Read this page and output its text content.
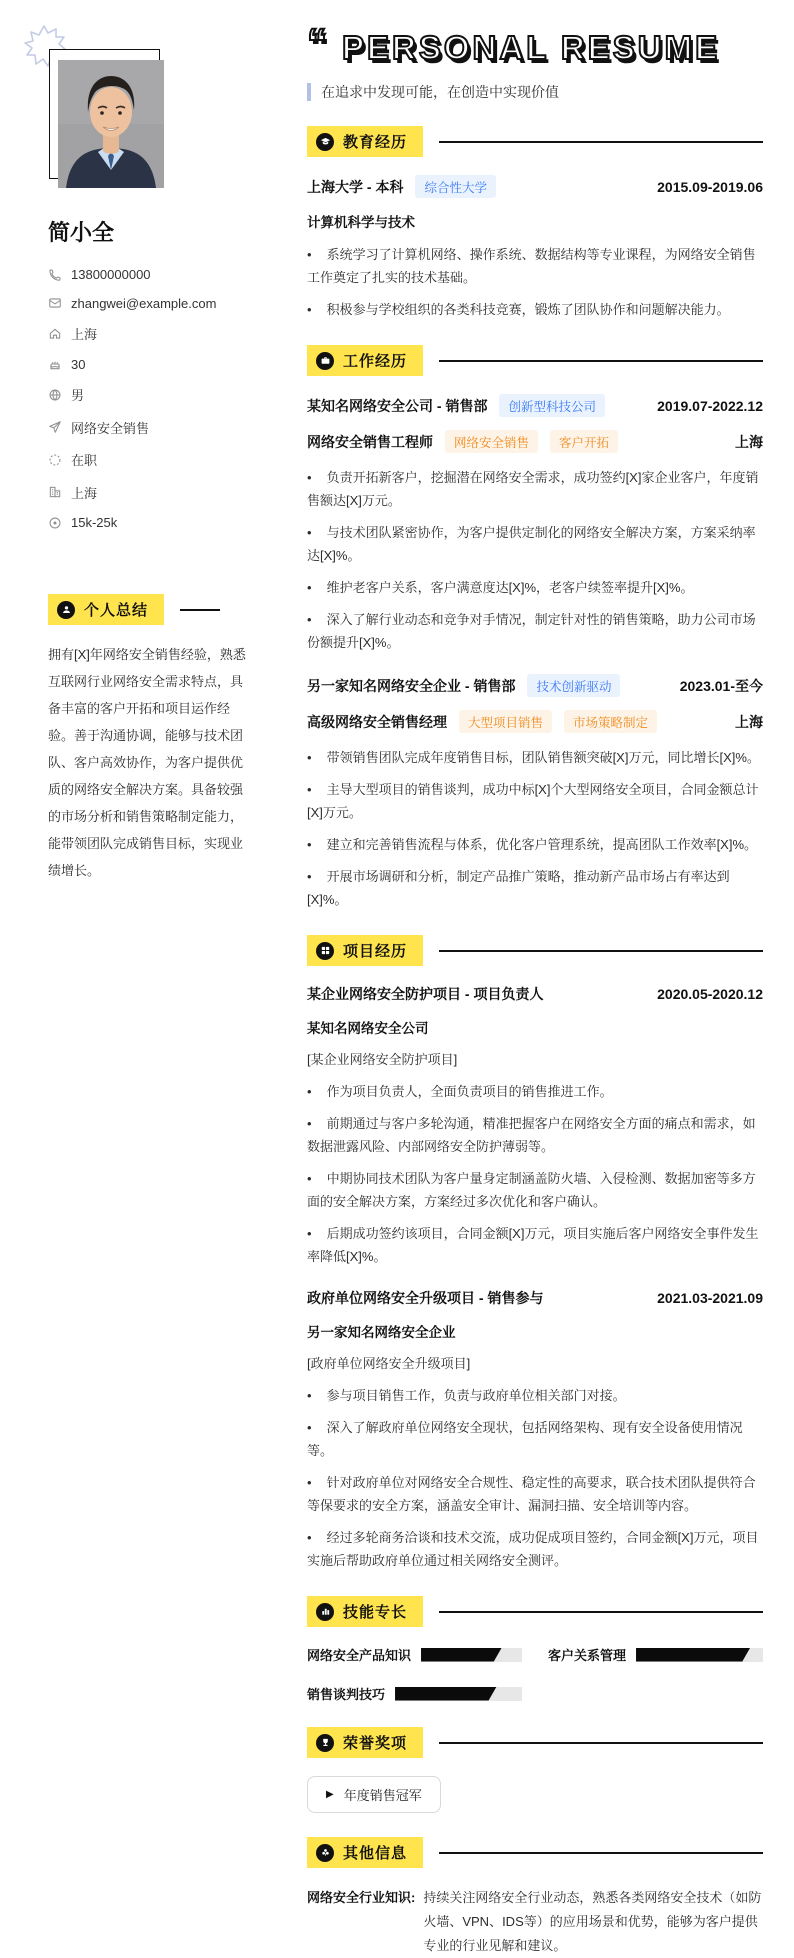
简小全
13800000000
zhangwei@example.com
上海
30
男
网络安全销售
在职
上海
15k-25k
个人总结

拥有[X]年网络安全销售经验，熟悉互联网行业网络安全需求特点，具备丰富的客户开拓和项目运作经验。善于沟通协调，能够与技术团队、客户高效协作，为客户提供优质的网络安全解决方案。具备较强的市场分析和销售策略制定能力，能带领团队完成销售目标，实现业绩增长。

“ PERSONAL RESUME
在追求中发现可能，在创造中实现价值
教育经历
上海大学 - 本科	综合性大学	2015.09-2019.06
计算机科学与技术

• 系统学习了计算机网络、操作系统、数据结构等专业课程，为网络安全销售工作奠定了扎实的技术基础。

• 积极参与学校组织的各类科技竞赛，锻炼了团队协作和问题解决能力。

工作经历
某知名网络安全公司 - 销售部	创新型科技公司	2019.07-2022.12
网络安全销售工程师	网络安全销售	客户开拓	上海

• 负责开拓新客户，挖掘潜在网络安全需求，成功签约[X]家企业客户，年度销售额达[X]万元。

• 与技术团队紧密协作，为客户提供定制化的网络安全解决方案，方案采纳率达[X]%。

• 维护老客户关系，客户满意度达[X]%，老客户续签率提升[X]%。

• 深入了解行业动态和竞争对手情况，制定针对性的销售策略，助力公司市场份额提升[X]%。

另一家知名网络安全企业 - 销售部	技术创新驱动	2023.01-至今
高级网络安全销售经理	大型项目销售	市场策略制定	上海

• 带领销售团队完成年度销售目标，团队销售额突破[X]万元，同比增长[X]%。

• 主导大型项目的销售谈判，成功中标[X]个大型网络安全项目，合同金额总计[X]万元。

• 建立和完善销售流程与体系，优化客户管理系统，提高团队工作效率[X]%。

• 开展市场调研和分析，制定产品推广策略，推动新产品市场占有率达到[X]%。

项目经历
某企业网络安全防护项目 - 项目负责人	2020.05-2020.12
某知名网络安全公司
[某企业网络安全防护项目]

• 作为项目负责人，全面负责项目的销售推进工作。

• 前期通过与客户多轮沟通，精准把握客户在网络安全方面的痛点和需求，如数据泄露风险、内部网络安全防护薄弱等。

• 中期协同技术团队为客户量身定制涵盖防火墙、入侵检测、数据加密等多方面的安全解决方案，方案经过多次优化和客户确认。

• 后期成功签约该项目，合同金额[X]万元，项目实施后客户网络安全事件发生率降低[X]%。

政府单位网络安全升级项目 - 销售参与	2021.03-2021.09
另一家知名网络安全企业
[政府单位网络安全升级项目]

• 参与项目销售工作，负责与政府单位相关部门对接。

• 深入了解政府单位网络安全现状，包括网络架构、现有安全设备使用情况等。

• 针对政府单位对网络安全合规性、稳定性的高要求，联合技术团队提供符合等保要求的安全方案，涵盖安全审计、漏洞扫描、安全培训等内容。

• 经过多轮商务洽谈和技术交流，成功促成项目签约，合同金额[X]万元，项目实施后帮助政府单位通过相关网络安全测评。

技能专长
网络安全产品知识	客户关系管理
销售谈判技巧
荣誉奖项
▶ 年度销售冠军
其他信息
网络安全行业知识: 持续关注网络安全行业动态，熟悉各类网络安全技术（如防火墙、VPN、IDS等）的应用场景和优势，能够为客户提供专业的行业见解和建议。
